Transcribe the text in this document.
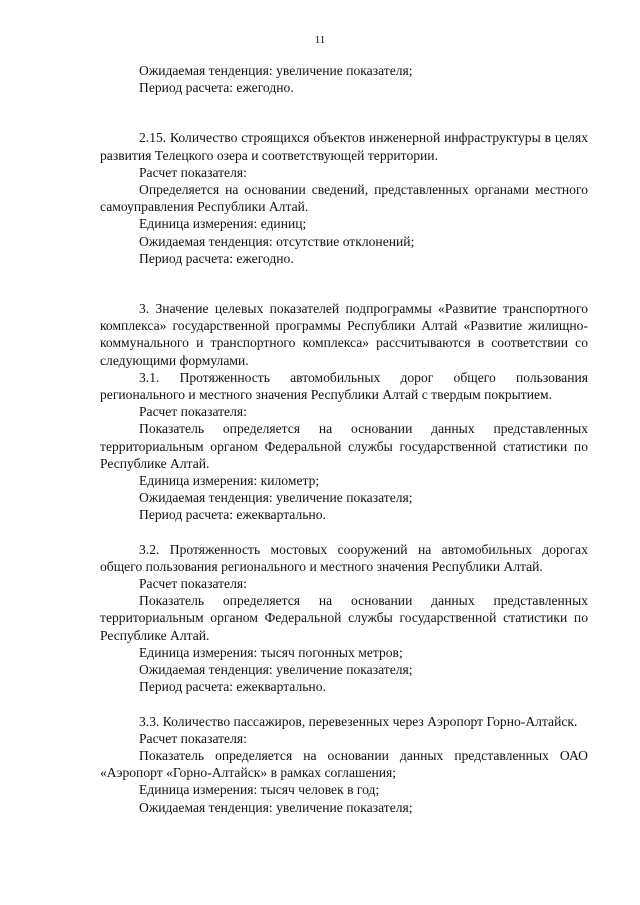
11

Ожидаемая тенденция: увеличение показателя;

Период расчета: ежегодно.

2.15. Количество строящихся объектов инженерной инфраструктуры в целях развития Телецкого озера и соответствующей территории.

Расчет показателя:

Определяется на основании сведений, представленных органами местного самоуправления Республики Алтай.

Единица измерения: единиц;

Ожидаемая тенденция: отсутствие отклонений;

Период расчета: ежегодно.

3. Значение целевых показателей подпрограммы «Развитие транспортного комплекса» государственной программы Республики Алтай «Развитие жилищно-коммунального и транспортного комплекса» рассчитываются в соответствии со следующими формулами.

3.1. Протяженность автомобильных дорог общего пользования регионального и местного значения Республики Алтай с твердым покрытием.

Расчет показателя:

Показатель определяется на основании данных представленных территориальным органом Федеральной службы государственной статистики по Республике Алтай.

Единица измерения: километр;

Ожидаемая тенденция: увеличение показателя;

Период расчета: ежеквартально.

3.2. Протяженность мостовых сооружений на автомобильных дорогах общего пользования регионального и местного значения Республики Алтай.

Расчет показателя:

Показатель определяется на основании данных представленных территориальным органом Федеральной службы государственной статистики по Республике Алтай.

Единица измерения: тысяч погонных метров;

Ожидаемая тенденция: увеличение показателя;

Период расчета: ежеквартально.

3.3. Количество пассажиров, перевезенных через Аэропорт Горно-Алтайск.

Расчет показателя:

Показатель определяется на основании данных представленных ОАО «Аэропорт «Горно-Алтайск» в рамках соглашения;

Единица измерения: тысяч человек в год;

Ожидаемая тенденция: увеличение показателя;
